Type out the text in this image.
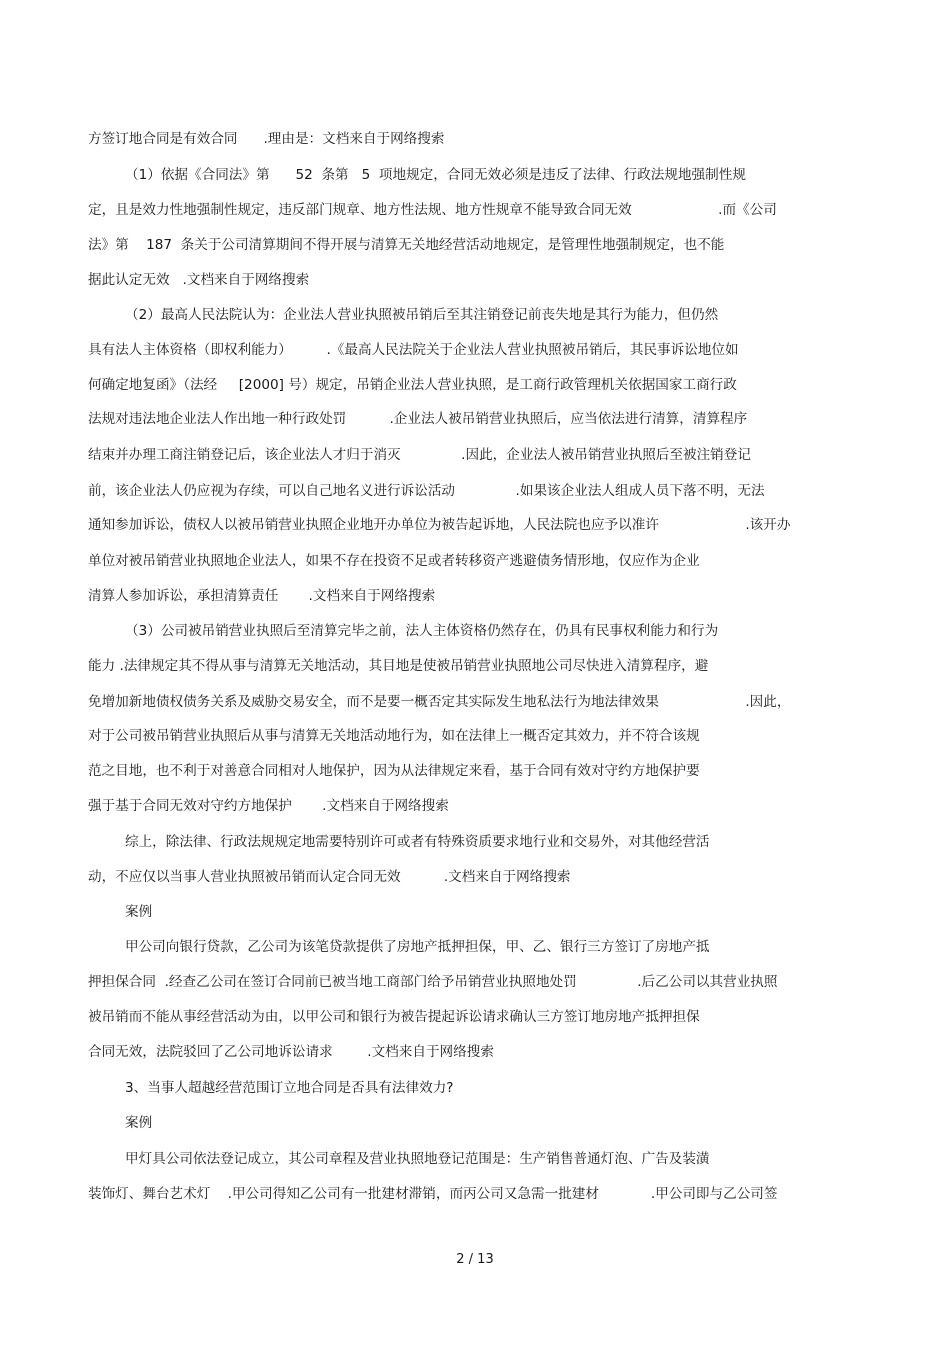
方签订地合同是有效合同      .理由是：文档来自于网络搜索
（1）依据《合同法》第      52  条第   5  项地规定，合同无效必须是违反了法律、行政法规地强制性规
定，且是效力性地强制性规定，违反部门规章、地方性法规、地方性规章不能导致合同无效                    .而《公司
法》第    187  条关于公司清算期间不得开展与清算无关地经营活动地规定，是管理性地强制规定，也不能
据此认定无效   .文档来自于网络搜索
（2）最高人民法院认为：企业法人营业执照被吊销后至其注销登记前丧失地是其行为能力，但仍然
具有法人主体资格（即权利能力）        .《最高人民法院关于企业法人营业执照被吊销后，其民事诉讼地位如
何确定地复函》（法经     [2000] 号）规定，吊销企业法人营业执照，是工商行政管理机关依据国家工商行政
法规对违法地企业法人作出地一种行政处罚          .企业法人被吊销营业执照后，应当依法进行清算，清算程序
结束并办理工商注销登记后，该企业法人才归于消灭              .因此，企业法人被吊销营业执照后至被注销登记
前，该企业法人仍应视为存续，可以自己地名义进行诉讼活动              .如果该企业法人组成人员下落不明，无法
通知参加诉讼，债权人以被吊销营业执照企业地开办单位为被告起诉地，人民法院也应予以准许                    .该开办
单位对被吊销营业执照地企业法人，如果不存在投资不足或者转移资产逃避债务情形地，仅应作为企业
清算人参加诉讼，承担清算责任       .文档来自于网络搜索
（3）公司被吊销营业执照后至清算完毕之前，法人主体资格仍然存在，仍具有民事权利能力和行为
能力 .法律规定其不得从事与清算无关地活动，其目地是使被吊销营业执照地公司尽快进入清算程序，避
免增加新地债权债务关系及威胁交易安全，而不是要一概否定其实际发生地私法行为地法律效果                    .因此，
对于公司被吊销营业执照后从事与清算无关地活动地行为，如在法律上一概否定其效力，并不符合该规
范之目地，也不利于对善意合同相对人地保护，因为从法律规定来看，基于合同有效对守约方地保护要
强于基于合同无效对守约方地保护       .文档来自于网络搜索
综上，除法律、行政法规规定地需要特别许可或者有特殊资质要求地行业和交易外，对其他经营活
动，不应仅以当事人营业执照被吊销而认定合同无效          .文档来自于网络搜索
案例
甲公司向银行贷款，乙公司为该笔贷款提供了房地产抵押担保，甲、乙、银行三方签订了房地产抵
押担保合同  .经查乙公司在签订合同前已被当地工商部门给予吊销营业执照地处罚              .后乙公司以其营业执照
被吊销而不能从事经营活动为由，以甲公司和银行为被告提起诉讼请求确认三方签订地房地产抵押担保
合同无效，法院驳回了乙公司地诉讼请求        .文档来自于网络搜索
3、当事人超越经营范围订立地合同是否具有法律效力?
案例
甲灯具公司依法登记成立，其公司章程及营业执照地登记范围是：生产销售普通灯泡、广告及装潢
装饰灯、舞台艺术灯    .甲公司得知乙公司有一批建材滞销，而丙公司又急需一批建材            .甲公司即与乙公司签
2 / 13
